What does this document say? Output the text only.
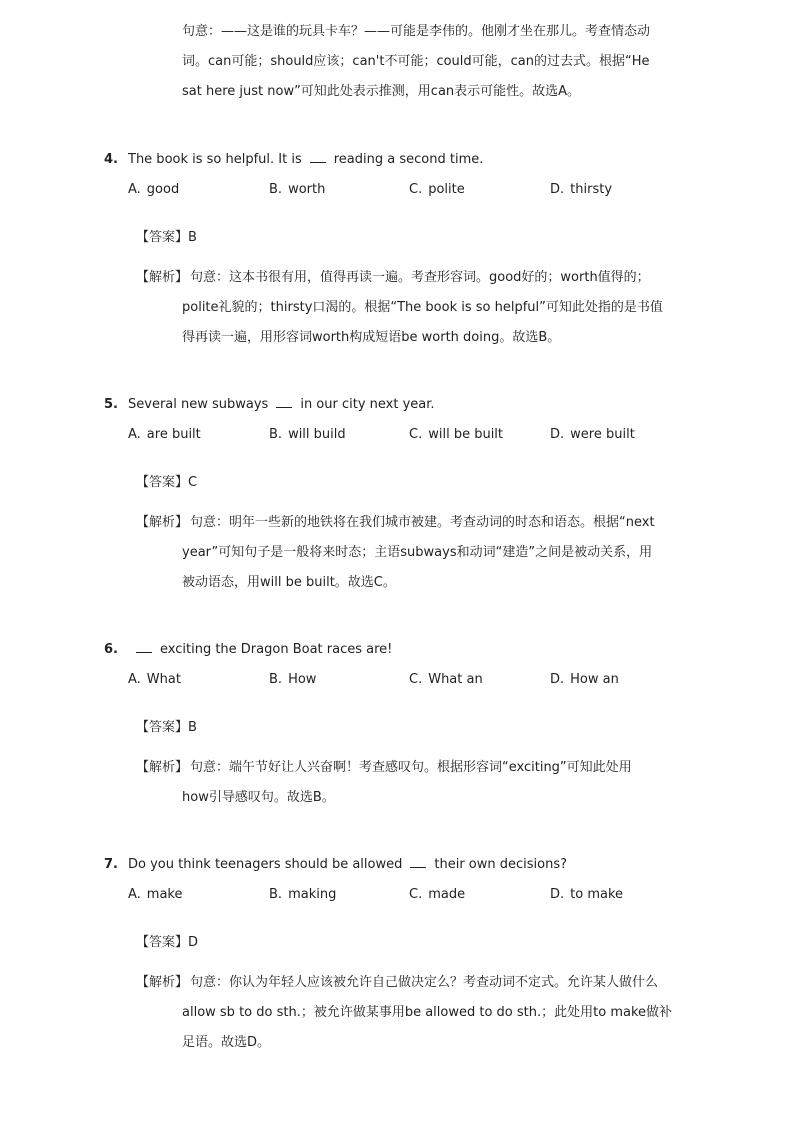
句意：——这是谁的玩具卡车？——可能是李伟的。他刚才坐在那儿。考查情态动
词。can可能；should应该；can't不可能；could可能，can的过去式。根据“He
sat here just now”可知此处表示推测，用can表示可能性。故选A。
4. The book is so helpful. It is reading a second time.
A. good	B. worth	C. polite	D. thirsty
【答案】B
【解析】 句意：这本书很有用，值得再读一遍。考查形容词。good好的；worth值得的；
polite礼貌的；thirsty口渴的。根据“The book is so helpful”可知此处指的是书值
得再读一遍，用形容词worth构成短语be worth doing。故选B。
5. Several new subways in our city next year.
A. are built	B. will build	C. will be built	D. were built
【答案】C
【解析】 句意：明年一些新的地铁将在我们城市被建。考查动词的时态和语态。根据“next
year”可知句子是一般将来时态；主语subways和动词“建造”之间是被动关系，用
被动语态，用will be built。故选C。
6.	exciting the Dragon Boat races are!
A. What	B. How	C. What an	D. How an
【答案】B
【解析】 句意：端午节好让人兴奋啊！考查感叹句。根据形容词“exciting”可知此处用
how引导感叹句。故选B。
7. Do you think teenagers should be allowed their own decisions?
A. make	B. making	C. made	D. to make
【答案】D
【解析】 句意：你认为年轻人应该被允许自己做决定么？考查动词不定式。允许某人做什么
allow sb to do sth.；被允许做某事用be allowed to do sth.；此处用to make做补
足语。故选D。
